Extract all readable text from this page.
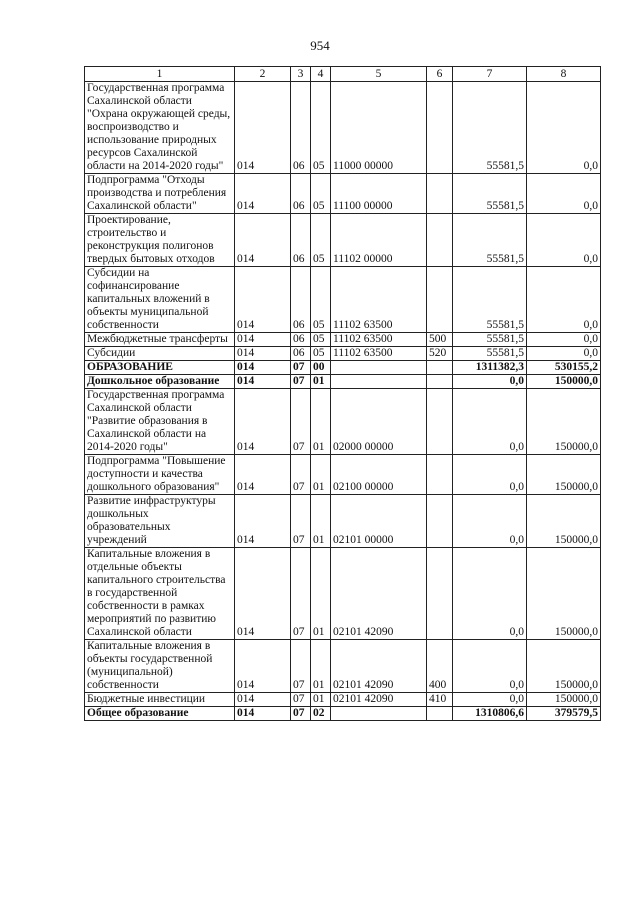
954
1	2	3	4	5	6	7	8
Государственная программа Сахалинской области "Охрана окружающей среды, воспроизводство и использование природных ресурсов Сахалинской области на 2014-2020 годы"	014	06	05	11000 00000		55581,5	0,0
Подпрограмма "Отходы производства и потребления Сахалинской области"	014	06	05	11100 00000		55581,5	0,0
Проектирование, строительство и реконструкция полигонов твердых бытовых отходов	014	06	05	11102 00000		55581,5	0,0
Субсидии на софинансирование капитальных вложений в объекты муниципальной собственности	014	06	05	11102 63500		55581,5	0,0
Межбюджетные трансферты	014	06	05	11102 63500	500	55581,5	0,0
Субсидии	014	06	05	11102 63500	520	55581,5	0,0
ОБРАЗОВАНИЕ	014	07	00			1311382,3	530155,2
Дошкольное образование	014	07	01			0,0	150000,0
Государственная программа Сахалинской области "Развитие образования в Сахалинской области на 2014-2020 годы"	014	07	01	02000 00000		0,0	150000,0
Подпрограмма "Повышение доступности и качества дошкольного образования"	014	07	01	02100 00000		0,0	150000,0
Развитие инфраструктуры дошкольных образовательных учреждений	014	07	01	02101 00000		0,0	150000,0
Капитальные вложения в отдельные объекты капитального строительства в государственной собственности в рамках мероприятий по развитию Сахалинской области	014	07	01	02101 42090		0,0	150000,0
Капитальные вложения в объекты государственной (муниципальной) собственности	014	07	01	02101 42090	400	0,0	150000,0
Бюджетные инвестиции	014	07	01	02101 42090	410	0,0	150000,0
Общее образование	014	07	02			1310806,6	379579,5
